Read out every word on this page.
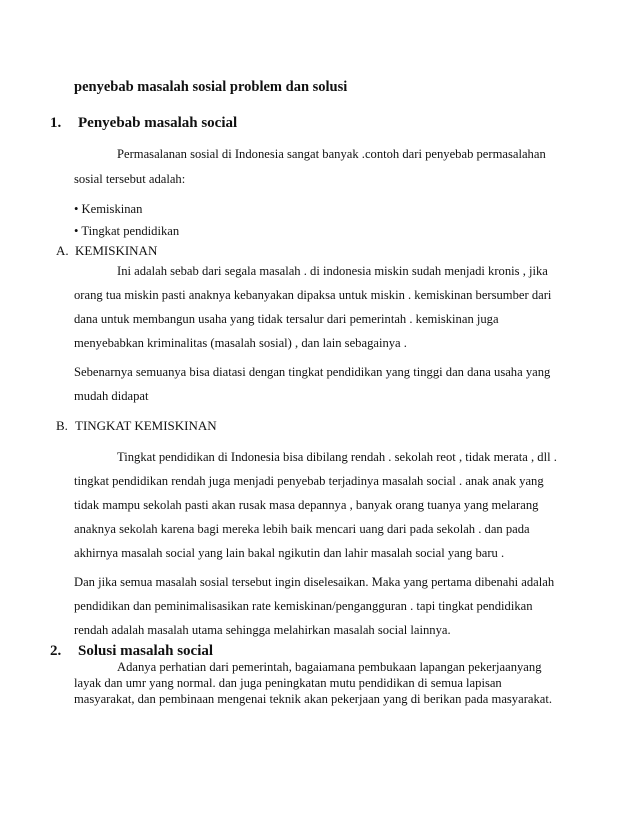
penyebab masalah sosial problem dan solusi
1. Penyebab masalah social
Permasalanan sosial di Indonesia sangat banyak .contoh dari penyebab permasalahan
sosial tersebut adalah:
• Kemiskinan
• Tingkat pendidikan
A. KEMISKINAN
Ini adalah sebab dari segala masalah . di indonesia miskin sudah menjadi kronis , jika
orang tua miskin pasti anaknya kebanyakan dipaksa untuk miskin . kemiskinan bersumber dari
dana untuk membangun usaha yang tidak tersalur dari pemerintah . kemiskinan juga
menyebabkan kriminalitas (masalah sosial) , dan lain sebagainya .
Sebenarnya semuanya bisa diatasi dengan tingkat pendidikan yang tinggi dan dana usaha yang
mudah didapat
B. TINGKAT KEMISKINAN
Tingkat pendidikan di Indonesia bisa dibilang rendah . sekolah reot , tidak merata , dll .
tingkat pendidikan rendah juga menjadi penyebab terjadinya masalah social . anak anak yang
tidak mampu sekolah pasti akan rusak masa depannya , banyak orang tuanya yang melarang
anaknya sekolah karena bagi mereka lebih baik mencari uang dari pada sekolah . dan pada
akhirnya masalah social yang lain bakal ngikutin dan lahir masalah social yang baru .
Dan jika semua masalah sosial tersebut ingin diselesaikan. Maka yang pertama dibenahi adalah
pendidikan dan peminimalisasikan rate kemiskinan/pengangguran . tapi tingkat pendidikan
rendah adalah masalah utama sehingga melahirkan masalah social lainnya.
2. Solusi masalah social
Adanya perhatian dari pemerintah, bagaiamana pembukaan lapangan pekerjaanyang
layak dan umr yang normal. dan juga peningkatan mutu pendidikan di semua lapisan
masyarakat, dan pembinaan mengenai teknik akan pekerjaan yang di berikan pada masyarakat.
